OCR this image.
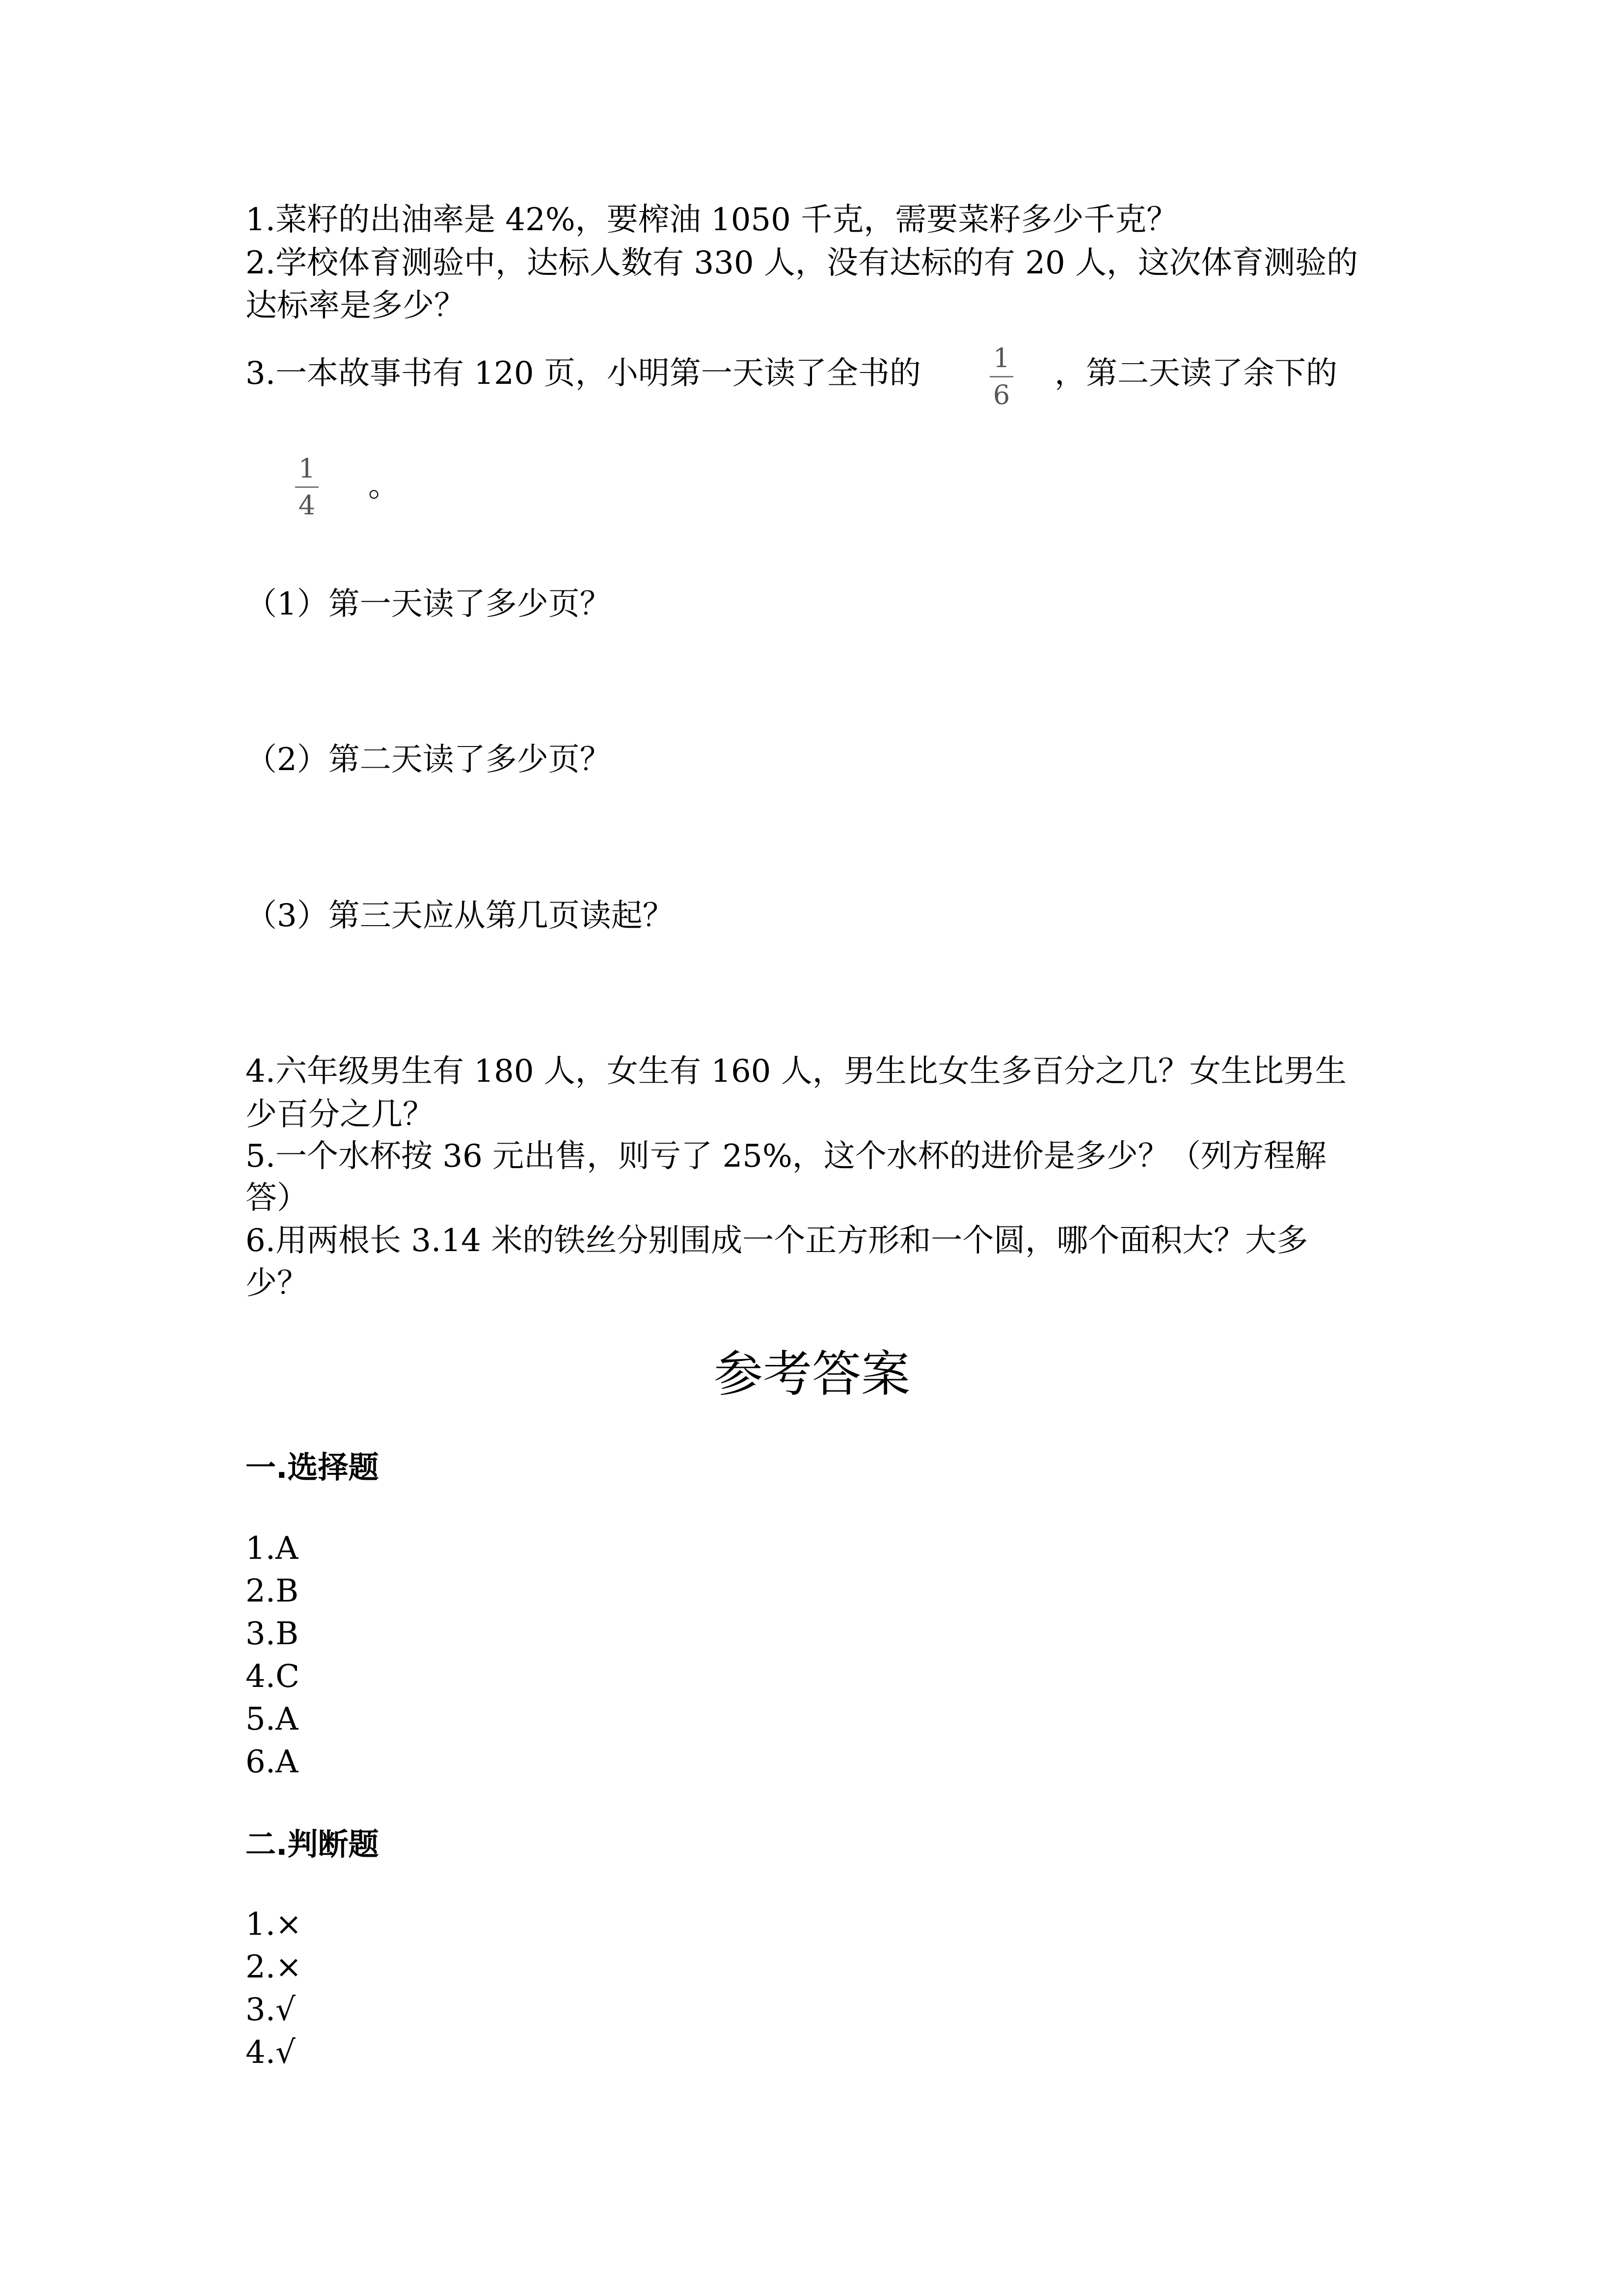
1.菜籽的出油率是 42%，要榨油 1050 千克，需要菜籽多少千克？

2.学校体育测验中，达标人数有 330 人，没有达标的有 20 人，这次体育测验的

达标率是多少？

3.一本故事书有 120 页，小明第一天读了全书的	1
6

，第二天读了余下的

1
4

。

（1）第一天读了多少页？

（2）第二天读了多少页？

（3）第三天应从第几页读起？

4.六年级男生有 180 人，女生有 160 人，男生比女生多百分之几？女生比男生

少百分之几？

5.一个水杯按 36 元出售，则亏了 25%，这个水杯的进价是多少？（列方程解

答）

6.用两根长 3.14 米的铁丝分别围成一个正方形和一个圆，哪个面积大？大多

少？

参考答案
一.选择题

1.A

2.B

3.B

4.C

5.A

6.A

二.判断题

1.×

2.×

3.√

4.√
